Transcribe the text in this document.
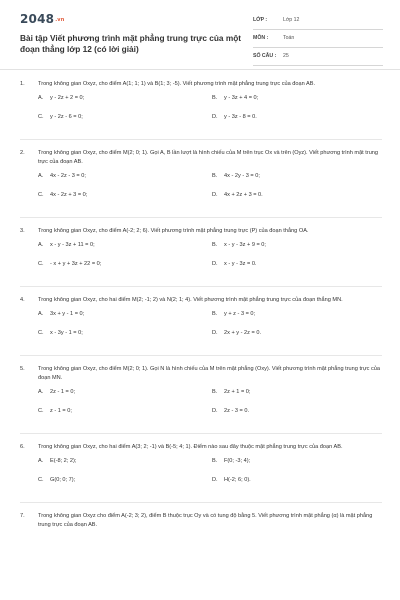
2048.vn
Bài tập Viết phương trình mặt phẳng trung trực của một đoạn thẳng lớp 12 (có lời giải)
LỚP :	Lớp 12
MÔN :	Toán
SỐ CÂU : 25
1. Trong không gian Oxyz, cho điểm A(1; 1; 1) và B(1; 3; -5). Viết phương trình mặt phẳng trung trực của đoạn AB.
A. y - 2z + 2 = 0;	B. y - 3z + 4 = 0;
C. y - 2z - 6 = 0;	D. y - 3z - 8 = 0.
2. Trong không gian Oxyz, cho điểm M(2; 0; 1). Gọi A, B lần lượt là hình chiếu của M trên trục Ox và trên (Oyz). Viết phương trình mặt trung trực của đoạn AB.
A. 4x - 2z - 3 = 0;	B. 4x - 2y - 3 = 0;
C. 4x - 2z + 3 = 0;	D. 4x + 2z + 3 = 0.
3. Trong không gian Oxyz, cho điểm A(-2; 2; 6). Viết phương trình mặt phẳng trung trực (P) của đoạn thẳng OA.
A. x - y - 3z + 11 = 0;	B. x - y - 3z + 9 = 0;
C. - x + y + 3z + 22 = 0;	D. x - y - 3z = 0.
4. Trong không gian Oxyz, cho hai điểm M(2; -1; 2) và N(2; 1; 4). Viết phương trình mặt phẳng trung trực của đoạn thẳng MN.
A. 3x + y - 1 = 0;	B. y + z - 3 = 0;
C. x - 3y - 1 = 0;	D. 2x + y - 2z = 0.
5. Trong không gian Oxyz, cho điểm M(2; 0; 1). Gọi N là hình chiếu của M trên mặt phẳng (Oxy). Viết phương trình mặt phẳng trung trực của đoạn MN.
A. 2z - 1 = 0;	B. 2z + 1 = 0;
C. z - 1 = 0;	D. 2z - 3 = 0.
6. Trong không gian Oxyz, cho hai điểm A(3; 2; -1) và B(-5; 4; 1). Điểm nào sau đây thuộc mặt phẳng trung trực của đoạn AB.
A. E(-8; 2; 2);	B. F(0; -3; 4);
C. G(0; 0; 7);	D. H(-2; 6; 0).
7. Trong không gian Oxyz cho điểm A(-2; 3; 2), điểm B thuộc trục Oy và có tung độ bằng 5. Viết phương trình mặt phẳng (α) là mặt phẳng trung trực của đoạn AB.
